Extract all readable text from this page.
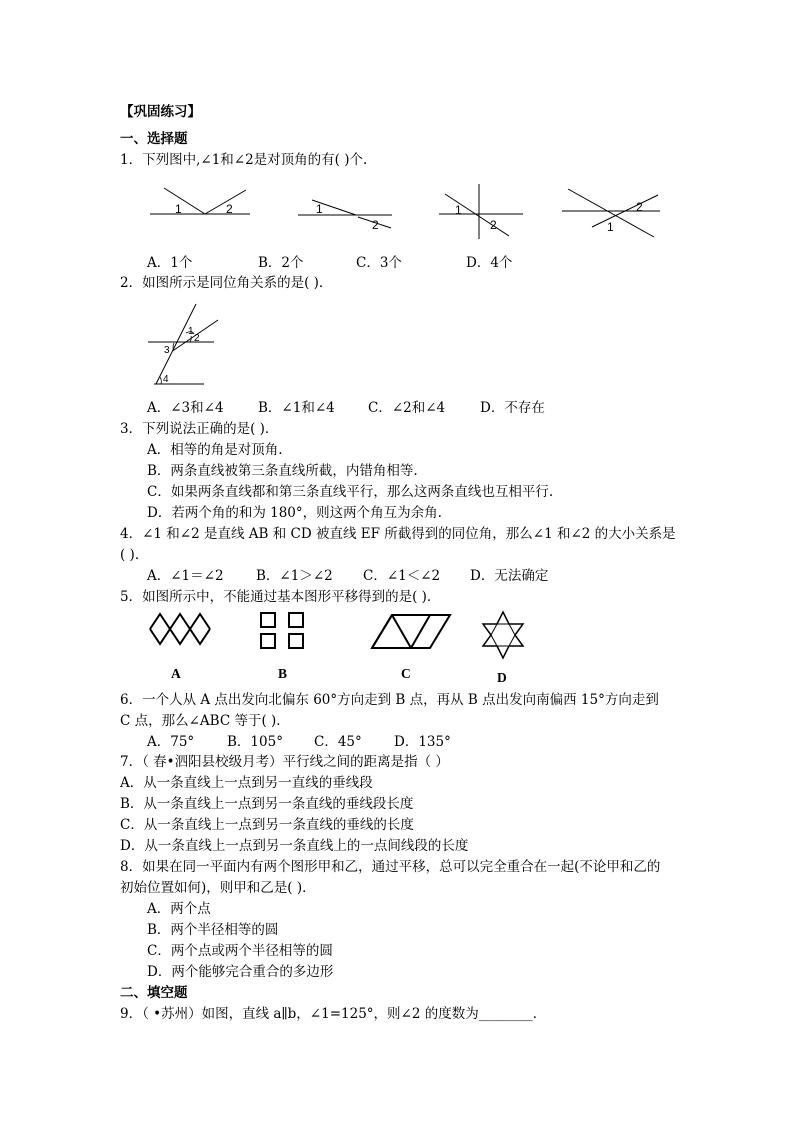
【巩固练习】
一、选择题
1．下列图中,∠1和∠2是对顶角的有( )个.
1	2	1
2
1
2
2
1
A．1个	B．2个	C．3个	D．4个
2．如图所示是同位角关系的是( )．
1
2
3
4
A．∠3和∠4	B．∠1和∠4 C．∠2和∠4	D．不存在
3．下列说法正确的是( )．
A．相等的角是对顶角.
B．两条直线被第三条直线所截，内错角相等.
C．如果两条直线都和第三条直线平行，那么这两条直线也互相平行.
D．若两个角的和为 180°，则这两个角互为余角.
4．∠1 和∠2 是直线 AB 和 CD 被直线 EF 所截得到的同位角，那么∠1 和∠2 的大小关系是
( )．
A．∠1＝∠2 B．∠1＞∠2 C．∠1＜∠2 D．无法确定
5．如图所示中，不能通过基本图形平移得到的是( )．
A	B	C	D
6．一个人从 A 点出发向北偏东 60°方向走到 B 点，再从 B 点出发向南偏西 15°方向走到
C 点，那么∠ABC 等于( )．
A．75° B．105° C．45° D．135°
7．（ 春•泗阳县校级月考）平行线之间的距离是指（ ）
A．从一条直线上一点到另一直线的垂线段
B．从一条直线上一点到另一条直线的垂线段长度
C．从一条直线上一点到另一条直线的垂线的长度
D．从一条直线上一点到另一条直线上的一点间线段的长度
8．如果在同一平面内有两个图形甲和乙，通过平移，总可以完全重合在一起(不论甲和乙的
初始位置如何)，则甲和乙是( )．
A．两个点
B．两个半径相等的圆
C．两个点或两个半径相等的圆
D．两个能够完合重合的多边形
二、填空题
9．（ •苏州）如图，直线 a∥b，∠1=125°，则∠2 的度数为________．
